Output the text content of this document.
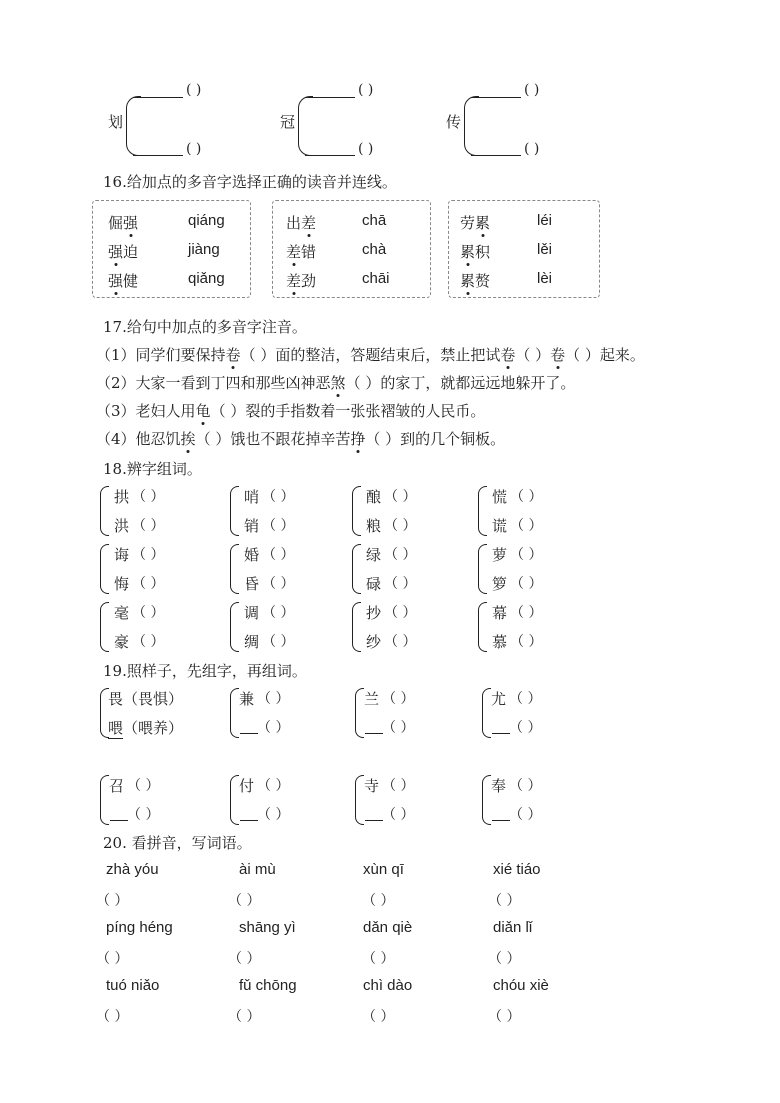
划
( )
( )
冠
( )
( )
传
( )
( )
16.给加点的多音字选择正确的读音并连线。
倔强	qiáng
强迫	jiàng
强健	qiǎng
出差	chā
差错	chà
差劲	chāi
劳累	léi
累积	lěi
累赘	lèi
17.给句中加点的多音字注音。
（1）同学们要保持卷（ ）面的整洁，答题结束后，禁止把试卷（ ）卷（ ）起来。
（2）大家一看到丁四和那些凶神恶煞（ ）的家丁，就都远远地躲开了。
（3）老妇人用龟（ ）裂的手指数着一张张褶皱的人民币。
（4）他忍饥挨（ ）饿也不跟花掉辛苦挣（ ）到的几个铜板。
18.辨字组词。
拱
洪
（ ）
（ ）
哨
销
（ ）
（ ）
酿
粮
（ ）
（ ）
慌
谎
（ ）
（ ）
诲
悔
（ ）
（ ）
婚
昏
（ ）
（ ）
绿
碌
（ ）
（ ）
萝
箩
（ ）
（ ）
毫
豪
（ ）
（ ）
调
绸
（ ）
（ ）
抄
纱
（ ）
（ ）
幕
慕
（ ）
（ ）
19.照样子，先组字，再组词。
畏（畏惧）
喂（喂养）
兼 （ ）
（ ）
兰 （ ）
（ ）
尤 （ ）
（ ）
召 （ ）
（ ）
付 （ ）
（ ）
寺 （ ）
（ ）
奉 （ ）
（ ）
20. 看拼音，写词语。
zhà yóu
（ ）
ài mù
（ ）
xùn qī
（ ）
xié tiáo
（ ）
píng héng
（ ）
shāng yì
（ ）
dǎn qiè
（ ）
diǎn lǐ
（ ）
tuó niǎo
（ ）
fǔ chōng
（ ）
chì dào
（ ）
chóu xiè
（ ）
